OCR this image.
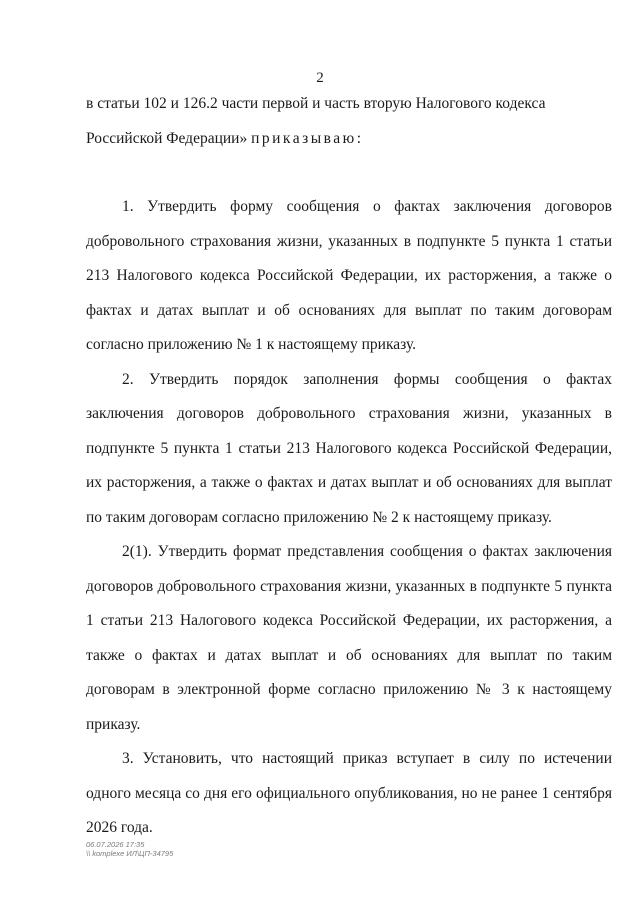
2

в статьи 102 и 126.2 части первой и часть вторую Налогового кодекса

Российской Федерации» приказываю:

1. Утвердить форму сообщения о фактах заключения договоров добровольного страхования жизни, указанных в подпункте 5 пункта 1 статьи 213 Налогового кодекса Российской Федерации, их расторжения, а также о фактах и датах выплат и об основаниях для выплат по таким договорам согласно приложению № 1 к настоящему приказу.

2. Утвердить порядок заполнения формы сообщения о фактах заключения договоров добровольного страхования жизни, указанных в подпункте 5 пункта 1 статьи 213 Налогового кодекса Российской Федерации, их расторжения, а также о фактах и датах выплат и об основаниях для выплат по таким договорам согласно приложению № 2 к настоящему приказу.

2(1). Утвердить формат представления сообщения о фактах заключения договоров добровольного страхования жизни, указанных в подпункте 5 пункта 1 статьи 213 Налогового кодекса Российской Федерации, их расторжения, а также о фактах и датах выплат и об основаниях для выплат по таким договорам в электронной форме согласно приложению № 3 к настоящему приказу.

3. Установить, что настоящий приказ вступает в силу по истечении одного месяца со дня его официального опубликования, но не ранее 1 сентября 2026 года.

06.07.2026 17:35
\\ komplexe ИЛ\ЦП-34795
